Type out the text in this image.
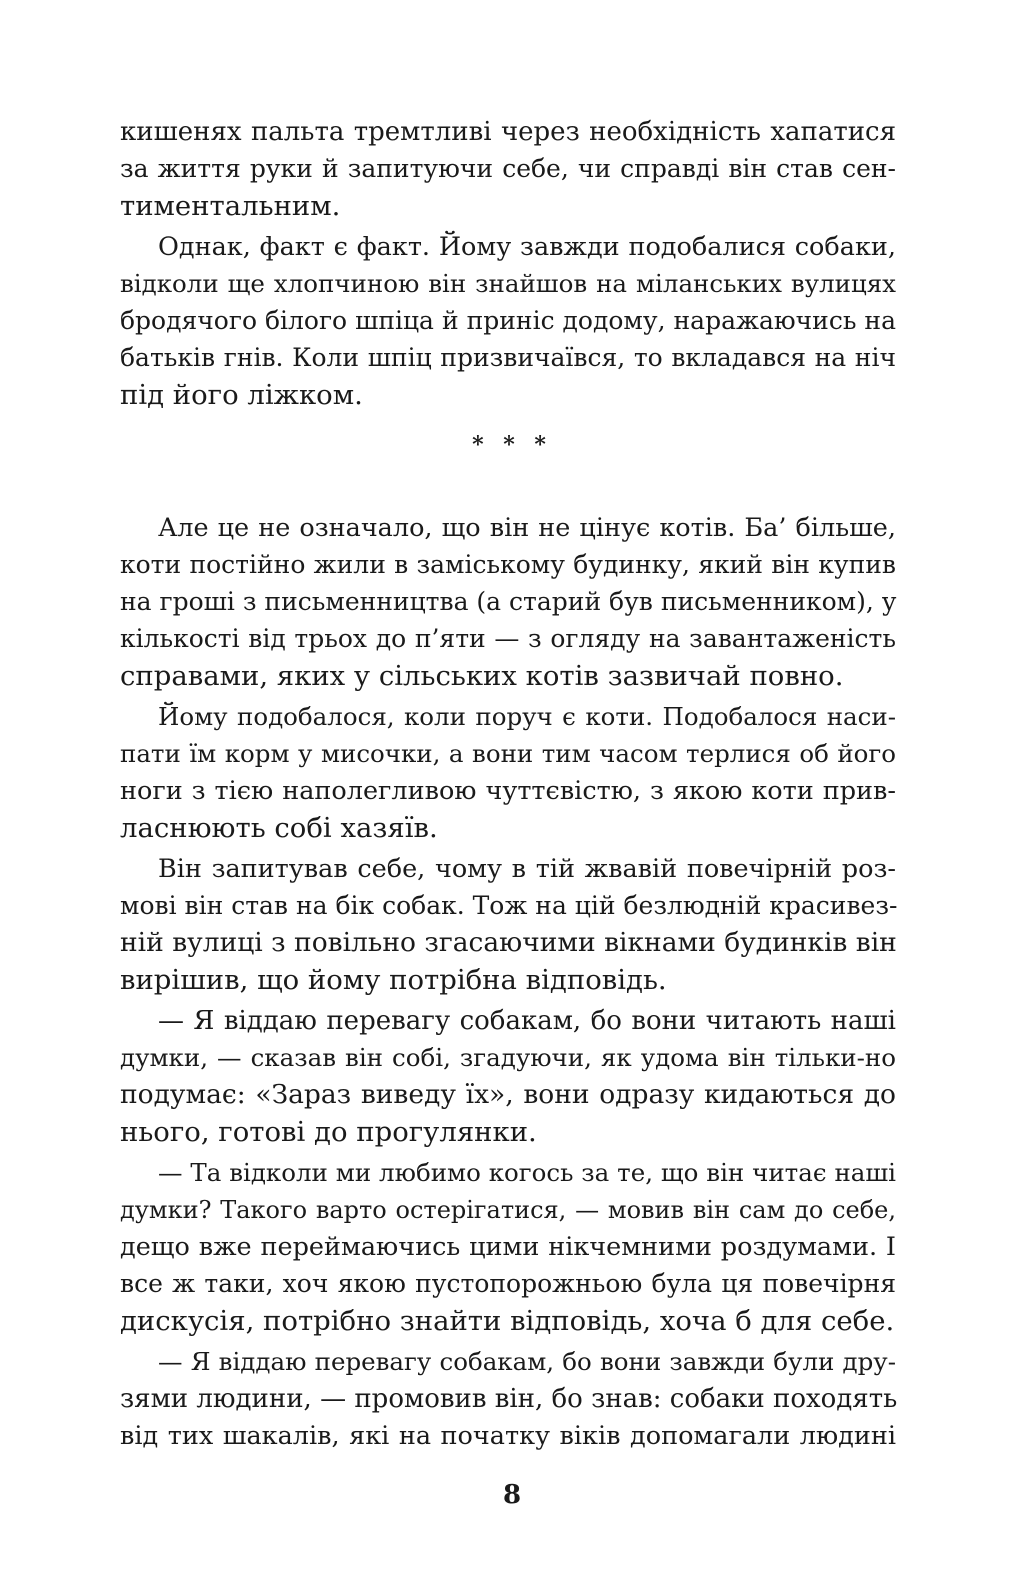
кишенях пальта тремтливі через необхідність хапатися
за життя руки й запитуючи себе, чи справді він став сен-
тиментальним.
Однак, факт є факт. Йому завжди подобалися собаки,
відколи ще хлопчиною він знайшов на міланських вулицях
бродячого білого шпіца й приніс додому, наражаючись на
батьків гнів. Коли шпіц призвичаївся, то вкладався на ніч
під його ліжком.
* * *
Але це не означало, що він не цінує котів. Ба’ більше,
коти постійно жили в заміському будинку, який він купив
на гроші з письменництва (а старий був письменником), у
кількості від трьох до п’яти — з огляду на завантаженість
справами, яких у сільських котів зазвичай повно.
Йому подобалося, коли поруч є коти. Подобалося наси-
пати їм корм у мисочки, а вони тим часом терлися об його
ноги з тією наполегливою чуттєвістю, з якою коти прив-
ласнюють собі хазяїв.
Він запитував себе, чому в тій жвавій повечірній роз-
мові він став на бік собак. Тож на цій безлюдній красивез-
ній вулиці з повільно згасаючими вікнами будинків він
вирішив, що йому потрібна відповідь.
— Я віддаю перевагу собакам, бо вони читають наші
думки, — сказав він собі, згадуючи, як удома він тільки-но
подумає: «Зараз виведу їх», вони одразу кидаються до
нього, готові до прогулянки.
— Та відколи ми любимо когось за те, що він читає наші
думки? Такого варто остерігатися, — мовив він сам до себе,
дещо вже переймаючись цими нікчемними роздумами. І
все ж таки, хоч якою пустопорожньою була ця повечірня
дискусія, потрібно знайти відповідь, хоча б для себе.
— Я віддаю перевагу собакам, бо вони завжди були дру-
зями людини, — промовив він, бо знав: собаки походять
від тих шакалів, які на початку віків допомагали людині
8
